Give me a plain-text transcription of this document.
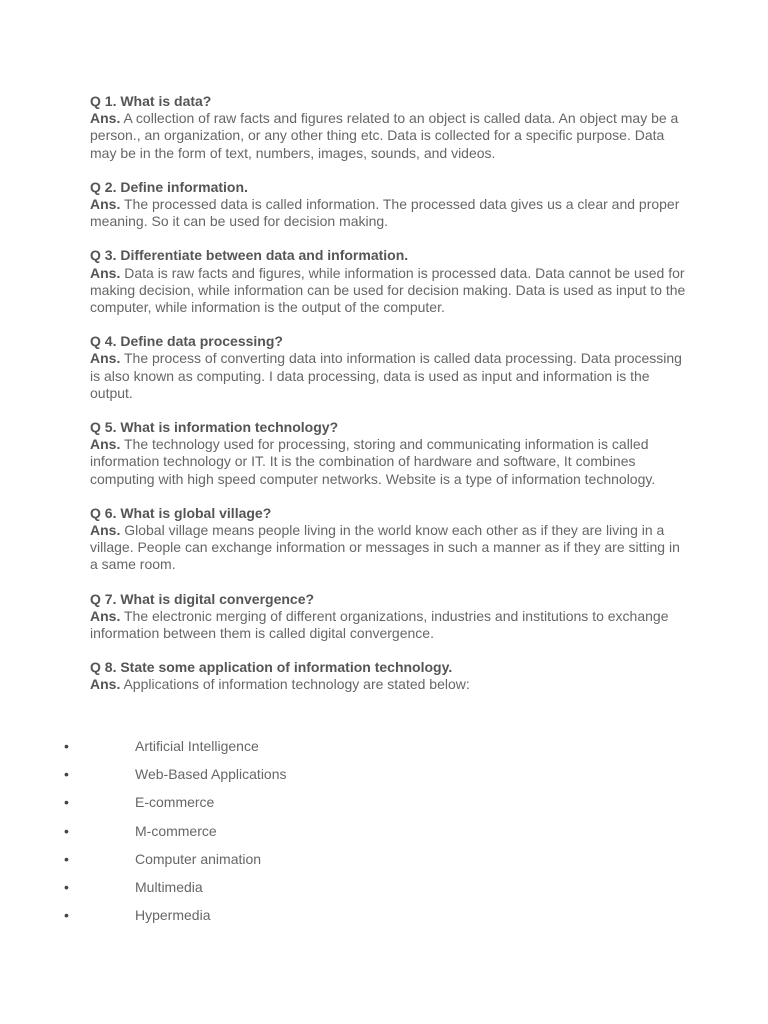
Q 1. What is data?
Ans. A collection of raw facts and figures related to an object is called data. An object may be a person., an organization, or any other thing etc. Data is collected for a specific purpose. Data may be in the form of text, numbers, images, sounds, and videos.
Q 2. Define information.
Ans. The processed data is called information. The processed data gives us a clear and proper meaning. So it can be used for decision making.
Q 3. Differentiate between data and information.
Ans. Data is raw facts and figures, while information is processed data. Data cannot be used for making decision, while information can be used for decision making. Data is used as input to the computer, while information is the output of the computer.
Q 4. Define data processing?
Ans. The process of converting data into information is called data processing. Data processing is also known as computing. I data processing, data is used as input and information is the output.
Q 5. What is information technology?
Ans. The technology used for processing, storing and communicating information is called information technology or IT. It is the combination of hardware and software, It combines computing with high speed computer networks. Website is a type of information technology.
Q 6. What is global village?
Ans. Global village means people living in the world know each other as if they are living in a village. People can exchange information or messages in such a manner as if they are sitting in a same room.
Q 7. What is digital convergence?
Ans. The electronic merging of different organizations, industries and institutions to exchange information between them is called digital convergence.
Q 8. State some application of information technology.
Ans. Applications of information technology are stated below:
•	Artificial Intelligence
•	Web-Based Applications
•	E-commerce
•	M-commerce
•	Computer animation
•	Multimedia
•	Hypermedia
